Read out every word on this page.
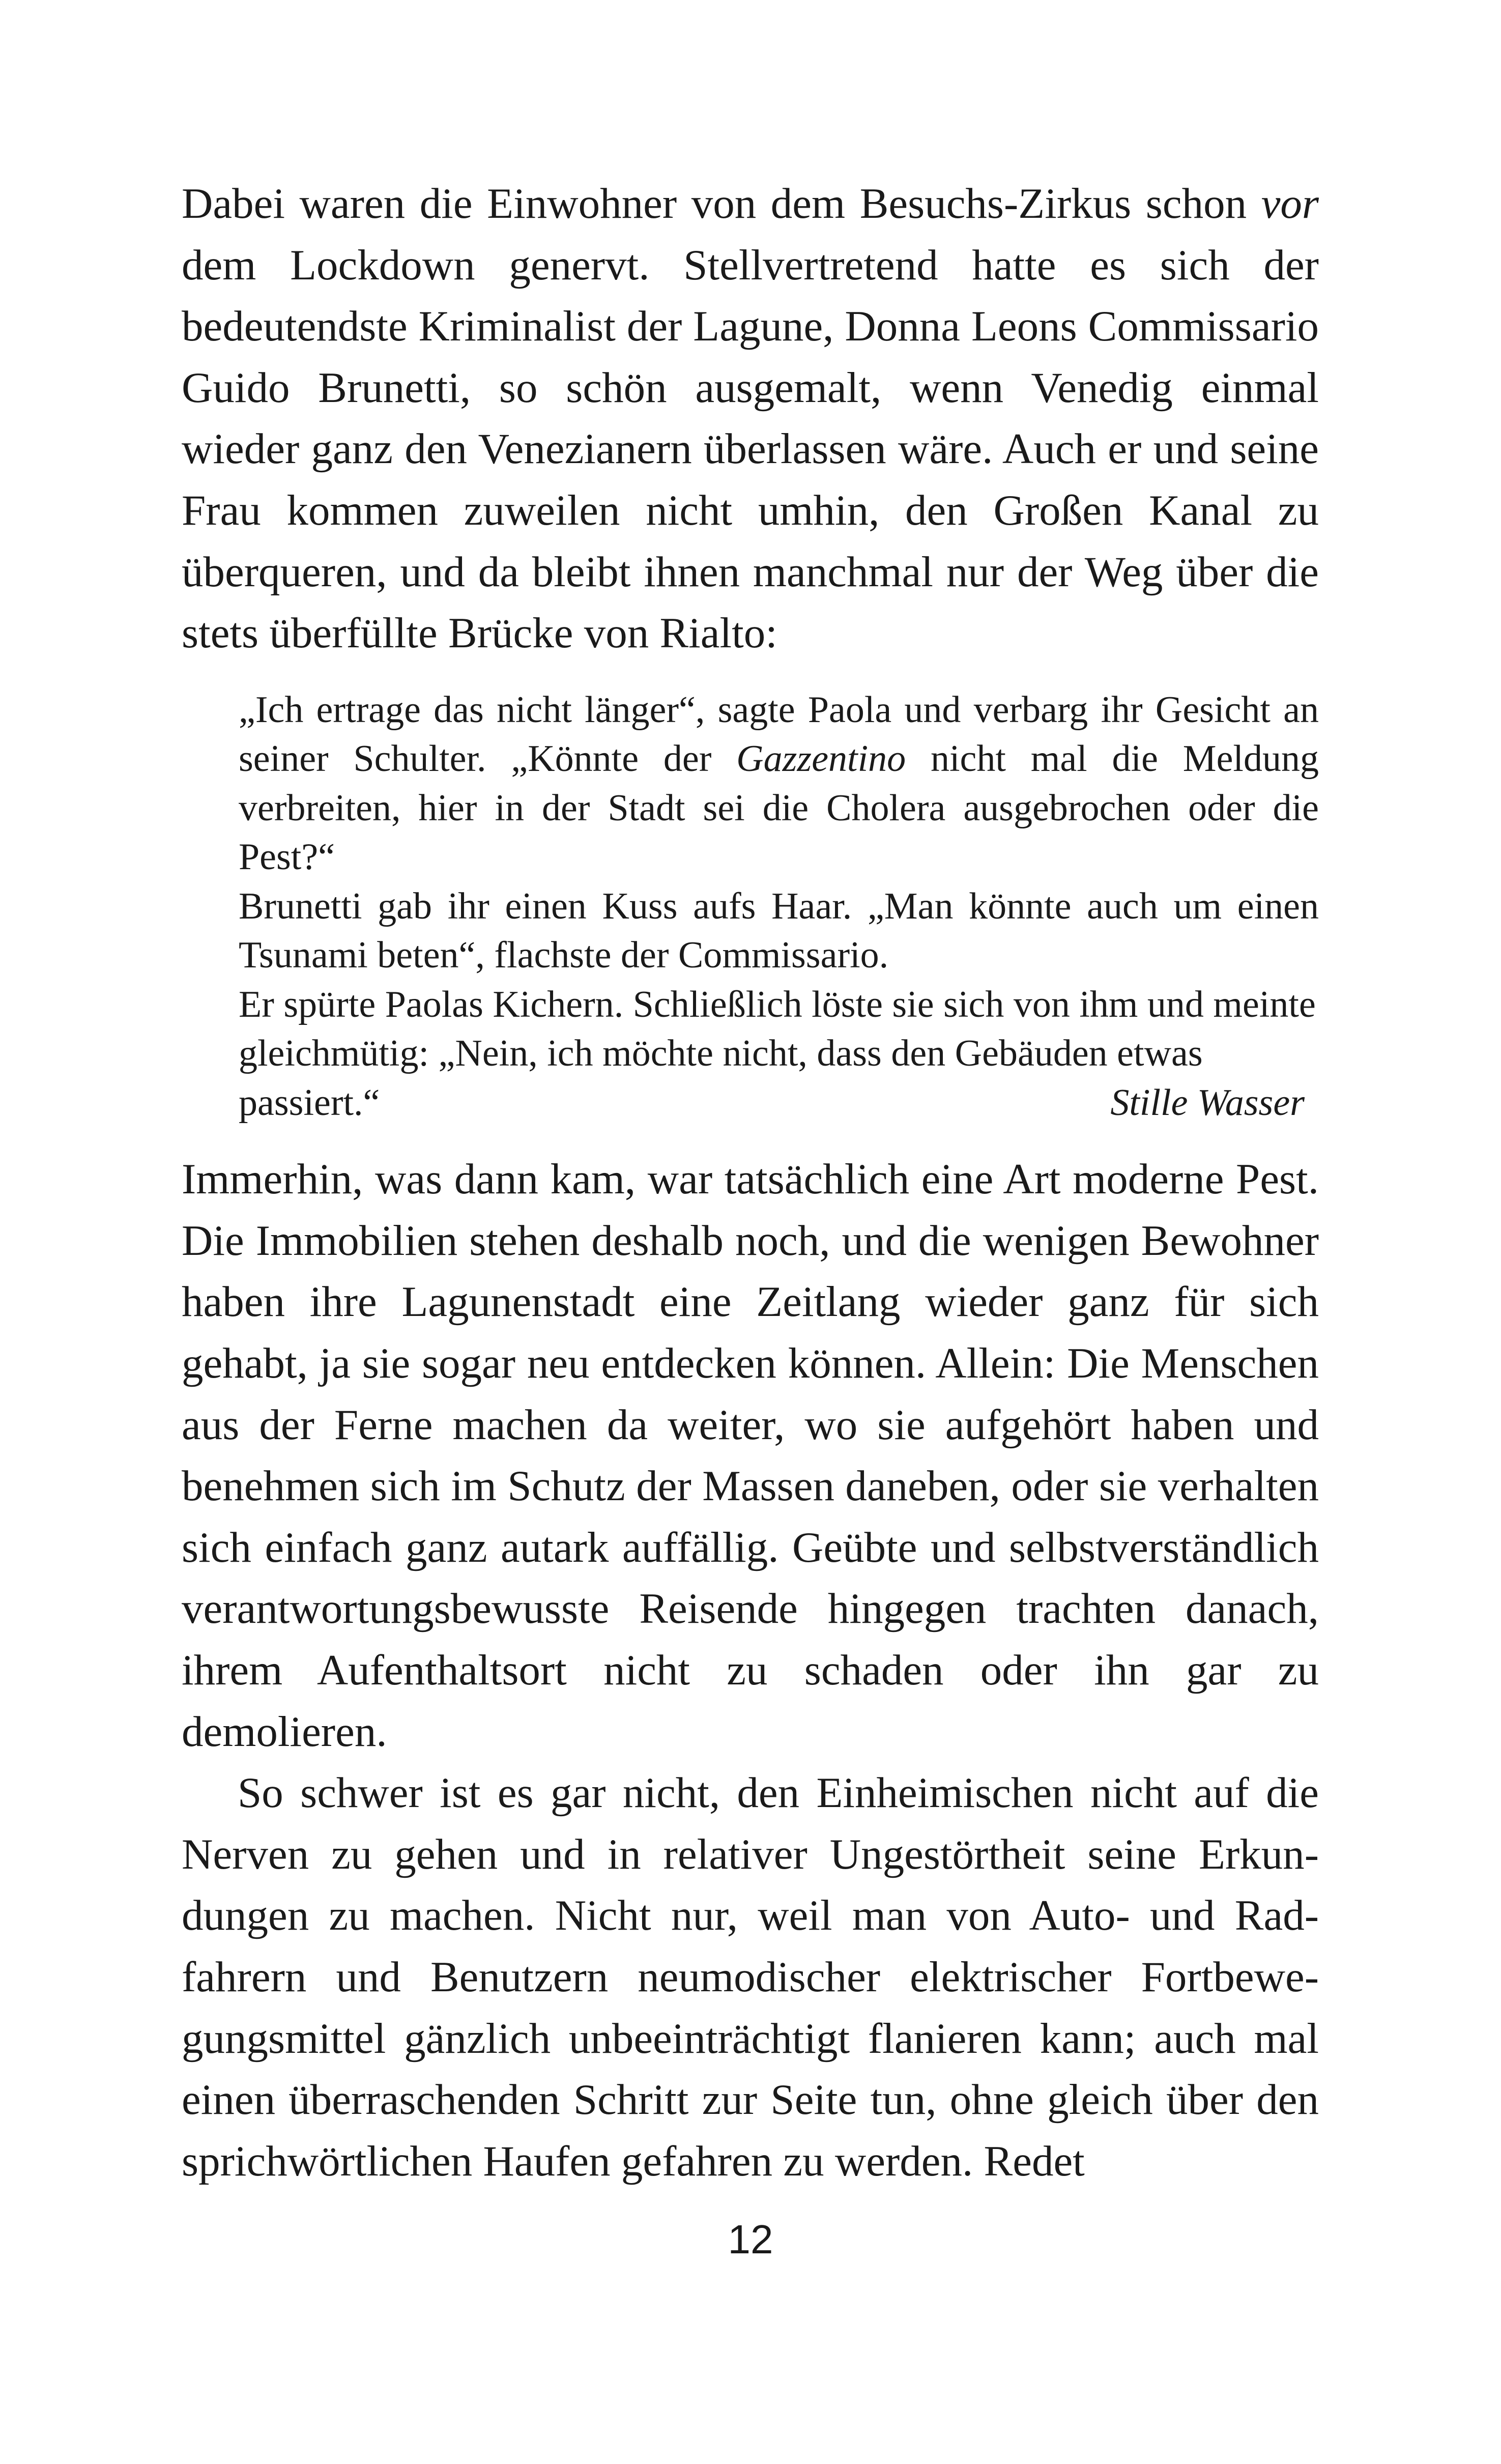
Dabei waren die Einwohner von dem Besuchs-Zirkus schon vor dem Lockdown genervt. Stellvertretend hatte es sich der bedeutendste Kriminalist der Lagune, Donna Leons Commissario Guido Brunetti, so schön ausgemalt, wenn Venedig einmal wieder ganz den Venezianern überlassen wäre. Auch er und seine Frau kommen zuweilen nicht umhin, den Großen Kanal zu überqueren, und da bleibt ihnen manchmal nur der Weg über die stets überfüllte Brücke von Rialto:

„Ich ertrage das nicht länger“, sagte Paola und verbarg ihr Gesicht an seiner Schulter. „Könnte der Gazzentino nicht mal die Meldung verbreiten, hier in der Stadt sei die Cholera ausgebrochen oder die Pest?“

Brunetti gab ihr einen Kuss aufs Haar. „Man könnte auch um einen Tsunami beten“, flachste der Commissario.

Er spürte Paolas Kichern. Schließlich löste sie sich von ihm und meinte gleichmütig: „Nein, ich möchte nicht, dass den Gebäuden etwas passiert.“	Stille Wasser

Immerhin, was dann kam, war tatsächlich eine Art moderne Pest. Die Immobilien stehen deshalb noch, und die wenigen Bewohner haben ihre Lagunenstadt eine Zeitlang wieder ganz für sich gehabt, ja sie sogar neu entdecken können. Allein: Die Menschen aus der Ferne machen da weiter, wo sie aufgehört haben und benehmen sich im Schutz der Massen daneben, oder sie verhalten sich einfach ganz autark auffällig. Geübte und selbstverständlich verantwortungsbewusste Reisende hingegen trachten danach, ihrem Aufenthaltsort nicht zu schaden oder ihn gar zu demolieren.

So schwer ist es gar nicht, den Einheimischen nicht auf die Nerven zu gehen und in relativer Ungestörtheit seine Erkundungen zu machen. Nicht nur, weil man von Auto- und Radfahrern und Benutzern neumodischer elektrischer Fortbewegungsmittel gänzlich unbeeinträchtigt flanieren kann; auch mal einen überraschenden Schritt zur Seite tun, ohne gleich über den sprichwörtlichen Haufen gefahren zu werden. Redet

12
